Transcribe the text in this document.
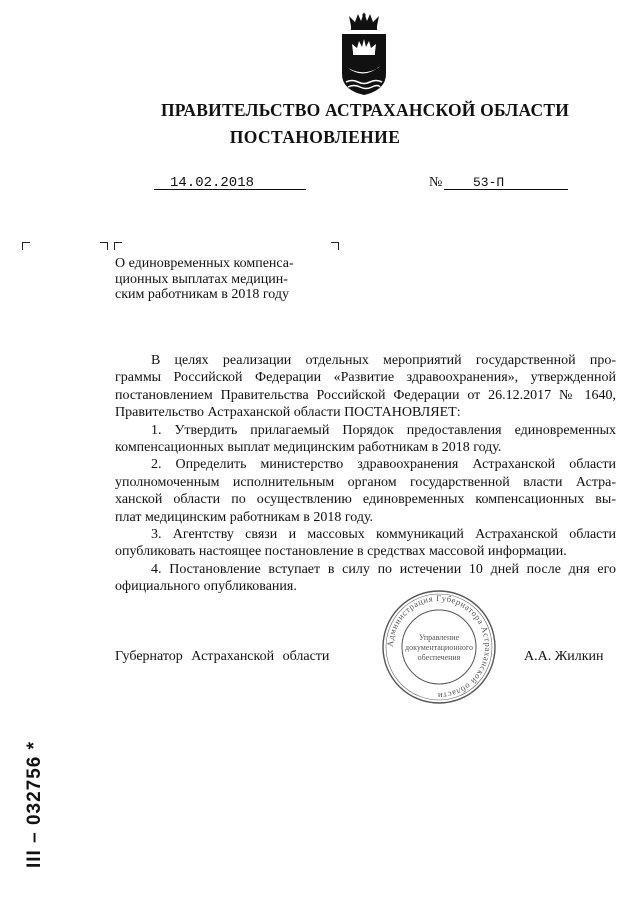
ПРАВИТЕЛЬСТВО АСТРАХАНСКОЙ ОБЛАСТИ
ПОСТАНОВЛЕНИЕ
14.02.2018	№ 53-П
О единовременных компенса-
ционных выплатах медицин-
ским работникам в 2018 году
В целях реализации отдельных мероприятий государственной про-
граммы Российской Федерации «Развитие здравоохранения», утвержденной
постановлением Правительства Российской Федерации от 26.12.2017 № 1640,
Правительство Астраханской области ПОСТАНОВЛЯЕТ:
1. Утвердить прилагаемый Порядок предоставления единовременных
компенсационных выплат медицинским работникам в 2018 году.
2. Определить министерство здравоохранения Астраханской области
уполномоченным исполнительным органом государственной власти Астра-
ханской области по осуществлению единовременных компенсационных вы-
плат медицинским работникам в 2018 году.
3. Агентству связи и массовых коммуникаций Астраханской области
опубликовать настоящее постановление в средствах массовой информации.
4. Постановление вступает в силу по истечении 10 дней после дня его
официального опубликования.
Администрация Губернатора Астраханской области
Управление
документационного
обеспечения
Губернатор Астраханской области	А.А. Жилкин
ІІІ – 032756 *
